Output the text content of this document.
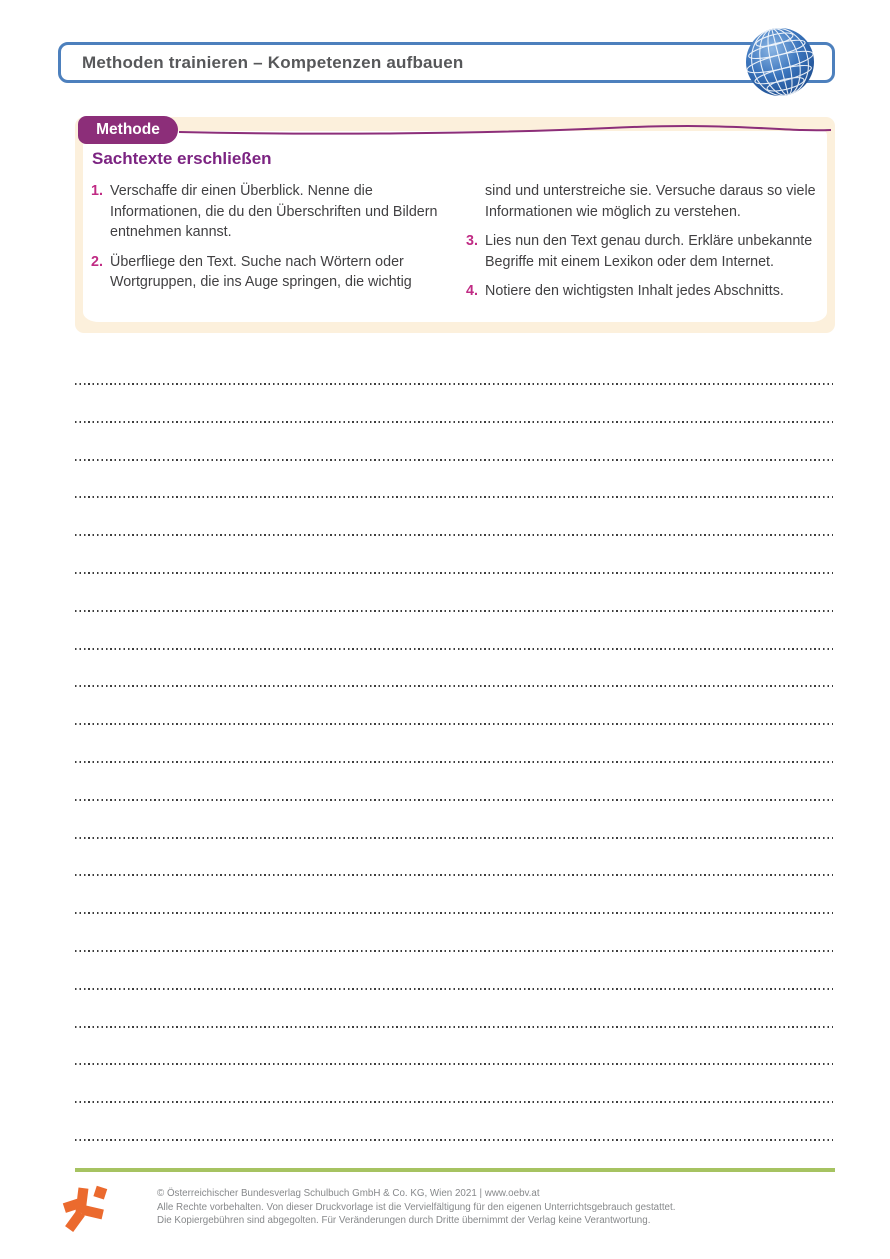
Methoden trainieren – Kompetenzen aufbauen
Methode
Sachtexte erschließen
1. Verschaffe dir einen Überblick. Nenne die Informationen, die du den Überschriften und Bildern entnehmen kannst.
2. Überfliege den Text. Suche nach Wörtern oder Wortgruppen, die ins Auge springen, die wichtig
sind und unterstreiche sie. Versuche daraus so viele Informationen wie möglich zu verstehen.
3. Lies nun den Text genau durch. Erkläre unbekannte Begriffe mit einem Lexikon oder dem Internet.
4. Notiere den wichtigsten Inhalt jedes Abschnitts.
© Österreichischer Bundesverlag Schulbuch GmbH & Co. KG, Wien 2021 | www.oebv.at
Alle Rechte vorbehalten. Von dieser Druckvorlage ist die Vervielfältigung für den eigenen Unterrichtsgebrauch gestattet.
Die Kopiergebühren sind abgegolten. Für Veränderungen durch Dritte übernimmt der Verlag keine Verantwortung.
